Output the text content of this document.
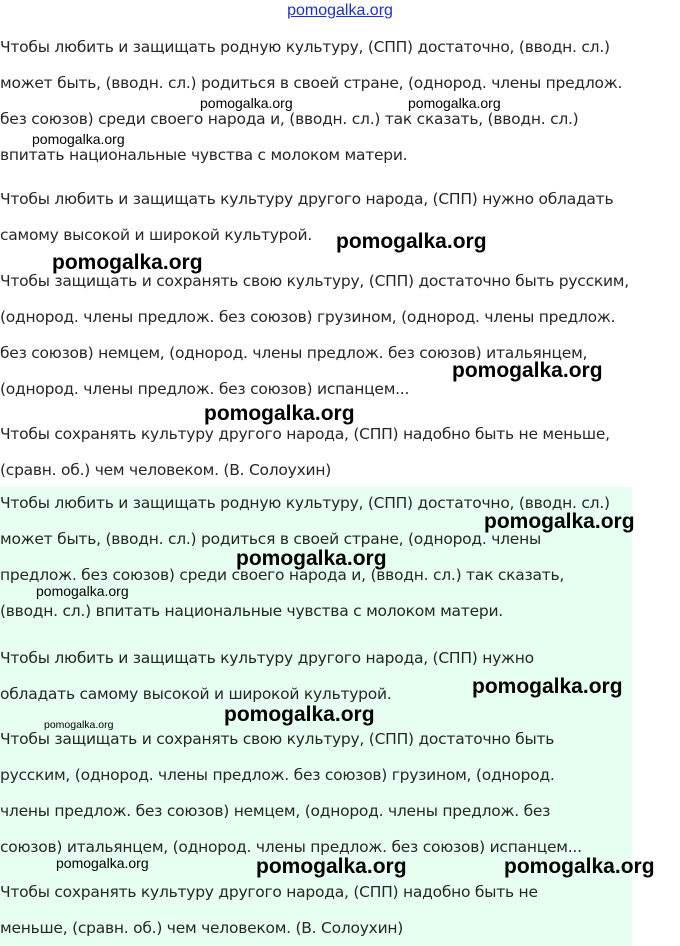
pomogalka.org

Чтобы любить и защищать родную культуру, (СПП) достаточно, (вводн. сл.)
может быть, (вводн. сл.) родиться в своей стране, (однород. члены предлож.
без союзов) среди своего народа и, (вводн. сл.) так сказать, (вводн. сл.)
впитать национальные чувства с молоком матери.

Чтобы любить и защищать культуру другого народа, (СПП) нужно обладать
самому высокой и широкой культурой.

Чтобы защищать и сохранять свою культуру, (СПП) достаточно быть русским,
(однород. члены предлож. без союзов) грузином, (однород. члены предлож.
без союзов) немцем, (однород. члены предлож. без союзов) итальянцем,
(однород. члены предлож. без союзов) испанцем...

Чтобы сохранять культуру другого народа, (СПП) надобно быть не меньше,
(сравн. об.) чем человеком. (В. Солоухин)

Чтобы любить и защищать родную культуру, (СПП) достаточно, (вводн. сл.)
может быть, (вводн. сл.) родиться в своей стране, (однород. члены
предлож. без союзов) среди своего народа и, (вводн. сл.) так сказать,
(вводн. сл.) впитать национальные чувства с молоком матери.

Чтобы любить и защищать культуру другого народа, (СПП) нужно
обладать самому высокой и широкой культурой.

Чтобы защищать и сохранять свою культуру, (СПП) достаточно быть
русским, (однород. члены предлож. без союзов) грузином, (однород.
члены предлож. без союзов) немцем, (однород. члены предлож. без
союзов) итальянцем, (однород. члены предлож. без союзов) испанцем...

Чтобы сохранять культуру другого народа, (СПП) надобно быть не
меньше, (сравн. об.) чем человеком. (В. Солоухин)

pomogalka.org	pomogalka.org
pomogalka.org
pomogalka.org
pomogalka.org
pomogalka.org
pomogalka.org
pomogalka.org
pomogalka.org
pomogalka.org
pomogalka.org
pomogalka.org
pomogalka.org
pomogalka.org	pomogalka.org	pomogalka.org
